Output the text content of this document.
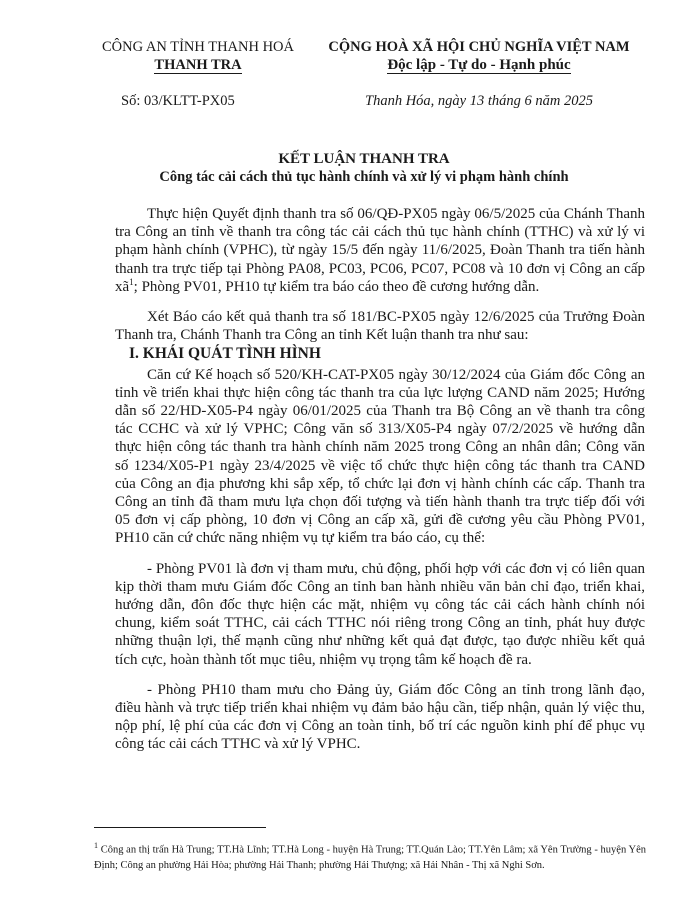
CÔNG AN TỈNH THANH HOÁ
THANH TRA
CỘNG HOÀ XÃ HỘI CHỦ NGHĨA VIỆT NAM
Độc lập - Tự do - Hạnh phúc
Số: 03/KLTT-PX05	Thanh Hóa, ngày 13 tháng 6 năm 2025
KẾT LUẬN THANH TRA
Công tác cải cách thủ tục hành chính và xử lý vi phạm hành chính

Thực hiện Quyết định thanh tra số 06/QĐ-PX05 ngày 06/5/2025 của Chánh Thanh tra Công an tỉnh về thanh tra công tác cải cách thủ tục hành chính (TTHC) và xử lý vi phạm hành chính (VPHC), từ ngày 15/5 đến ngày 11/6/2025, Đoàn Thanh tra tiến hành thanh tra trực tiếp tại Phòng PA08, PC03, PC06, PC07, PC08 và 10 đơn vị Công an cấp xã$^1$; Phòng PV01, PH10 tự kiểm tra báo cáo theo đề cương hướng dẫn.

Xét Báo cáo kết quả thanh tra số 181/BC-PX05 ngày 12/6/2025 của Trưởng Đoàn Thanh tra, Chánh Thanh tra Công an tỉnh Kết luận thanh tra như sau:

I. KHÁI QUÁT TÌNH HÌNH

Căn cứ Kế hoạch số 520/KH-CAT-PX05 ngày 30/12/2024 của Giám đốc Công an tỉnh về triển khai thực hiện công tác thanh tra của lực lượng CAND năm 2025; Hướng dẫn số 22/HD-X05-P4 ngày 06/01/2025 của Thanh tra Bộ Công an về thanh tra công tác CCHC và xử lý VPHC; Công văn số 313/X05-P4 ngày 07/2/2025 về hướng dẫn thực hiện công tác thanh tra hành chính năm 2025 trong Công an nhân dân; Công văn số 1234/X05-P1 ngày 23/4/2025 về việc tổ chức thực hiện công tác thanh tra CAND của Công an địa phương khi sắp xếp, tổ chức lại đơn vị hành chính các cấp. Thanh tra Công an tỉnh đã tham mưu lựa chọn đối tượng và tiến hành thanh tra trực tiếp đối với 05 đơn vị cấp phòng, 10 đơn vị Công an cấp xã, gửi đề cương yêu cầu Phòng PV01, PH10 căn cứ chức năng nhiệm vụ tự kiểm tra báo cáo, cụ thể:

- Phòng PV01 là đơn vị tham mưu, chủ động, phối hợp với các đơn vị có liên quan kịp thời tham mưu Giám đốc Công an tỉnh ban hành nhiều văn bản chỉ đạo, triển khai, hướng dẫn, đôn đốc thực hiện các mặt, nhiệm vụ công tác cải cách hành chính nói chung, kiểm soát TTHC, cải cách TTHC nói riêng trong Công an tỉnh, phát huy được những thuận lợi, thế mạnh cũng như những kết quả đạt được, tạo được nhiều kết quả tích cực, hoàn thành tốt mục tiêu, nhiệm vụ trọng tâm kế hoạch đề ra.

- Phòng PH10 tham mưu cho Đảng ủy, Giám đốc Công an tỉnh trong lãnh đạo, điều hành và trực tiếp triển khai nhiệm vụ đảm bảo hậu cần, tiếp nhận, quản lý việc thu, nộp phí, lệ phí của các đơn vị Công an toàn tỉnh, bố trí các nguồn kinh phí để phục vụ công tác cải cách TTHC và xử lý VPHC.

$^1$ Công an thị trấn Hà Trung; TT.Hà Lĩnh; TT.Hà Long - huyện Hà Trung; TT.Quán Lào; TT.Yên Lâm; xã Yên Trường - huyện Yên Định; Công an phường Hải Hòa; phường Hải Thanh; phường Hải Thượng; xã Hải Nhân - Thị xã Nghi Sơn.
